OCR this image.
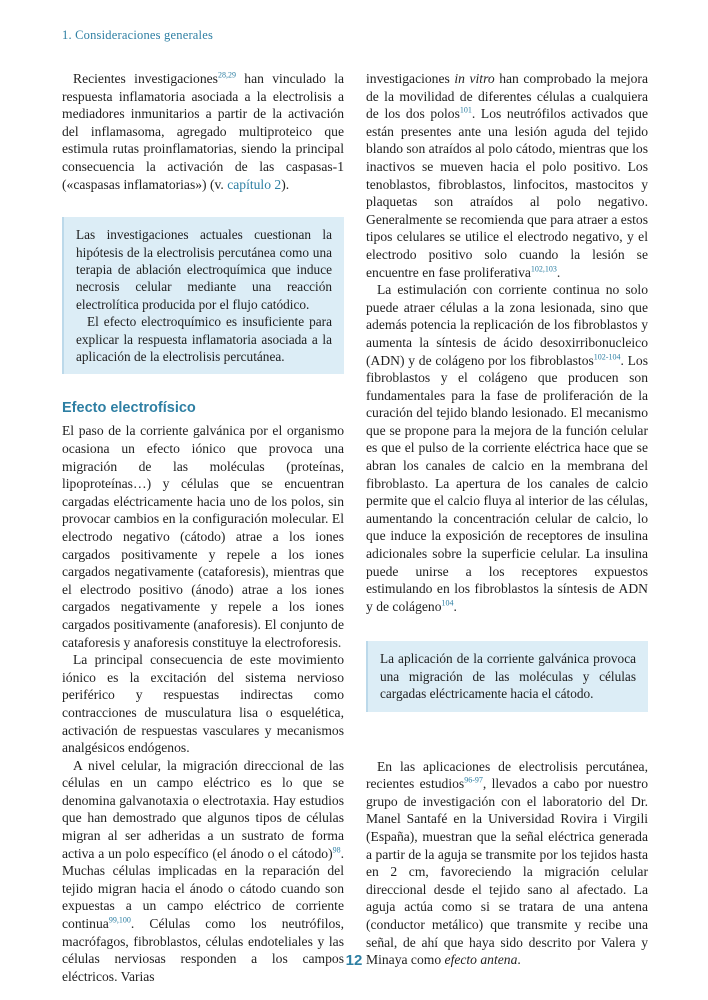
1. Consideraciones generales

Recientes investigaciones$^{28,29}$ han vinculado la respuesta inflamatoria asociada a la electrolisis a mediadores inmunitarios a partir de la activación del inflamasoma, agregado multiproteico que estimula rutas proinflamatorias, siendo la principal consecuencia la activación de las caspasas-1 («caspasas inflamatorias») (v. capítulo 2).

Las investigaciones actuales cuestionan la hipótesis de la electrolisis percutánea como una terapia de ablación electroquímica que induce necrosis celular mediante una reacción electrolítica producida por el flujo catódico.

El efecto electroquímico es insuficiente para explicar la respuesta inflamatoria asociada a la aplicación de la electrolisis percutánea.

Efecto electrofísico

El paso de la corriente galvánica por el organismo ocasiona un efecto iónico que provoca una migración de las moléculas (proteínas, lipoproteínas…) y células que se encuentran cargadas eléctricamente hacia uno de los polos, sin provocar cambios en la configuración molecular. El electrodo negativo (cátodo) atrae a los iones cargados positivamente y repele a los iones cargados negativamente (cataforesis), mientras que el electrodo positivo (ánodo) atrae a los iones cargados negativamente y repele a los iones cargados positivamente (anaforesis). El conjunto de cataforesis y anaforesis constituye la electroforesis.

La principal consecuencia de este movimiento iónico es la excitación del sistema nervioso periférico y respuestas indirectas como contracciones de musculatura lisa o esquelética, activación de respuestas vasculares y mecanismos analgésicos endógenos.

A nivel celular, la migración direccional de las células en un campo eléctrico es lo que se denomina galvanotaxia o electrotaxia. Hay estudios que han demostrado que algunos tipos de células migran al ser adheridas a un sustrato de forma activa a un polo específico (el ánodo o el cátodo)$^{98}$. Muchas células implicadas en la reparación del tejido migran hacia el ánodo o cátodo cuando son expuestas a un campo eléctrico de corriente continua$^{99,100}$. Células como los neutrófilos, macrófagos, fibroblastos, células endoteliales y las células nerviosas responden a los campos eléctricos. Varias

investigaciones in vitro han comprobado la mejora de la movilidad de diferentes células a cualquiera de los dos polos$^{101}$. Los neutrófilos activados que están presentes ante una lesión aguda del tejido blando son atraídos al polo cátodo, mientras que los inactivos se mueven hacia el polo positivo. Los tenoblastos, fibroblastos, linfocitos, mastocitos y plaquetas son atraídos al polo negativo. Generalmente se recomienda que para atraer a estos tipos celulares se utilice el electrodo negativo, y el electrodo positivo solo cuando la lesión se encuentre en fase proliferativa$^{102,103}$.

La estimulación con corriente continua no solo puede atraer células a la zona lesionada, sino que además potencia la replicación de los fibroblastos y aumenta la síntesis de ácido desoxirribonucleico (ADN) y de colágeno por los fibroblastos$^{102-104}$. Los fibroblastos y el colágeno que producen son fundamentales para la fase de proliferación de la curación del tejido blando lesionado. El mecanismo que se propone para la mejora de la función celular es que el pulso de la corriente eléctrica hace que se abran los canales de calcio en la membrana del fibroblasto. La apertura de los canales de calcio permite que el calcio fluya al interior de las células, aumentando la concentración celular de calcio, lo que induce la exposición de receptores de insulina adicionales sobre la superficie celular. La insulina puede unirse a los receptores expuestos estimulando en los fibroblastos la síntesis de ADN y de colágeno$^{104}$.

La aplicación de la corriente galvánica provoca una migración de las moléculas y células cargadas eléctricamente hacia el cátodo.

En las aplicaciones de electrolisis percutánea, recientes estudios$^{96-97}$, llevados a cabo por nuestro grupo de investigación con el laboratorio del Dr. Manel Santafé en la Universidad Rovira i Virgili (España), muestran que la señal eléctrica generada a partir de la aguja se transmite por los tejidos hasta en 2 cm, favoreciendo la migración celular direccional desde el tejido sano al afectado. La aguja actúa como si se tratara de una antena (conductor metálico) que transmite y recibe una señal, de ahí que haya sido descrito por Valera y Minaya como efecto antena.

12
